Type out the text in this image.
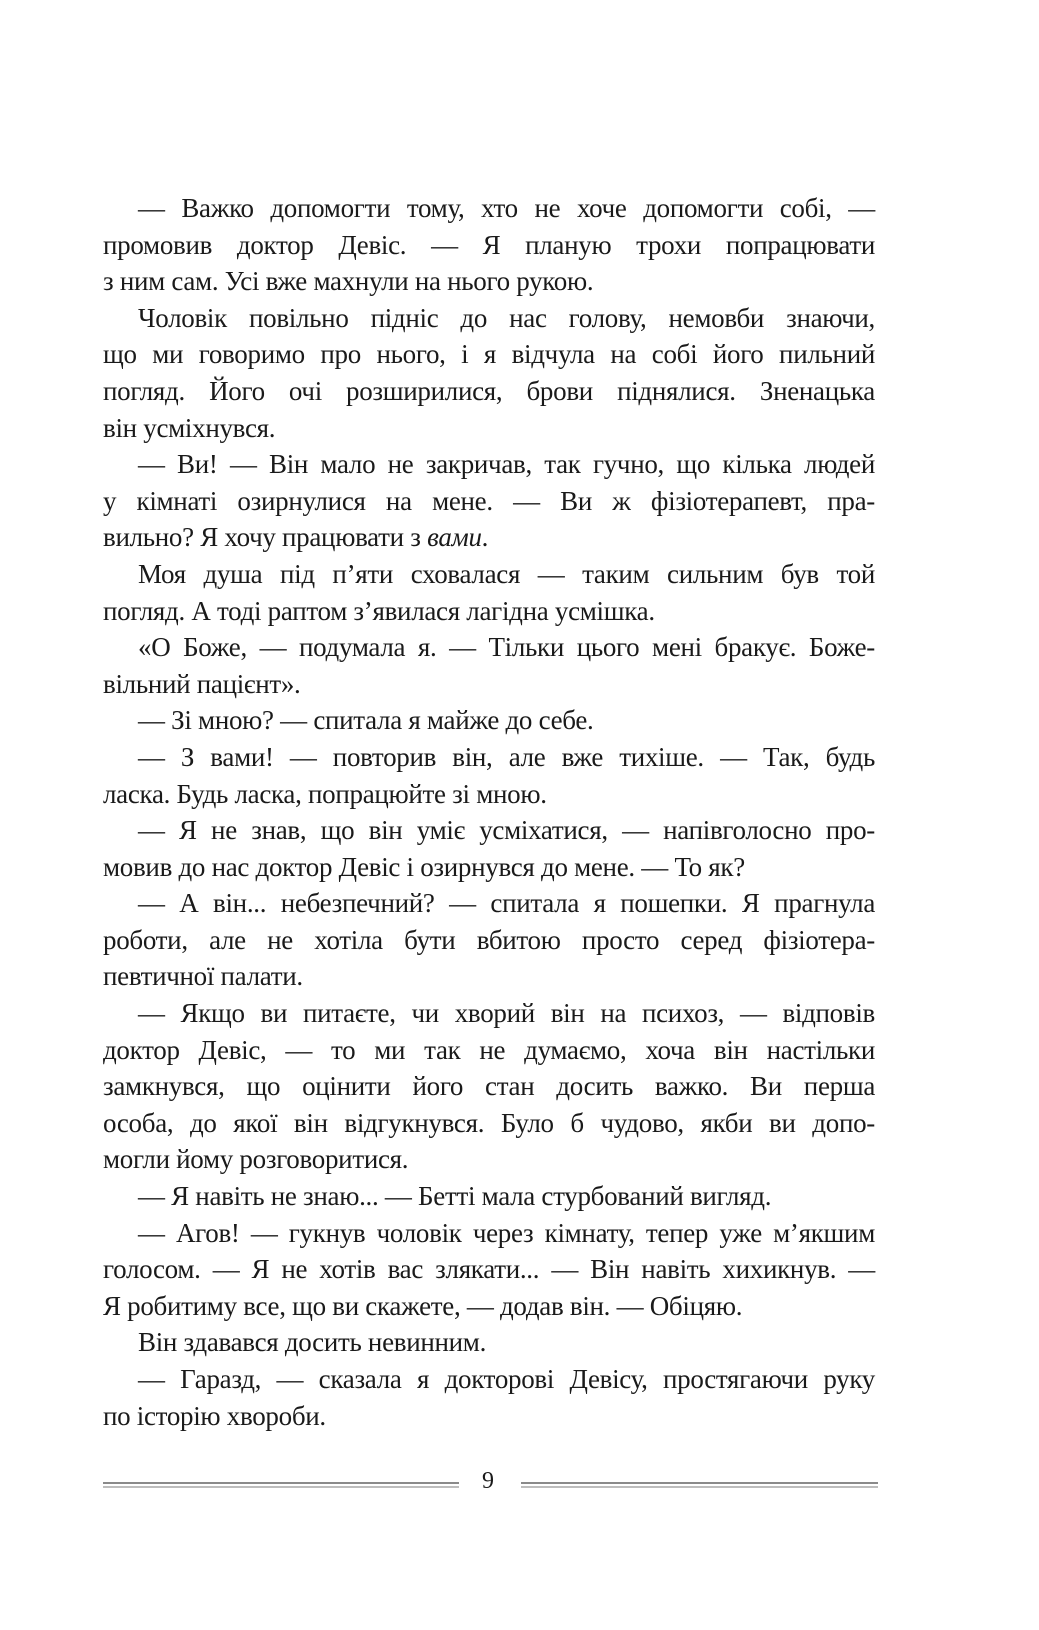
— Важко допомогти тому, хто не хоче допомогти собі, —
промовив доктор Девіс. — Я планую трохи попрацювати
з ним сам. Усі вже махнули на нього рукою.
Чоловік повільно підніс до нас голову, немовби знаючи,
що ми говоримо про нього, і я відчула на собі його пильний
погляд. Його очі розширилися, брови піднялися. Зненацька
він усміхнувся.
— Ви! — Він мало не закричав, так гучно, що кілька людей
у кімнаті озирнулися на мене. — Ви ж фізіотерапевт, пра-
вильно? Я хочу працювати з вами.
Моя душа під п’яти сховалася — таким сильним був той
погляд. А тоді раптом з’явилася лагідна усмішка.
«О Боже, — подумала я. — Тільки цього мені бракує. Боже-
вільний пацієнт».
— Зі мною? — спитала я майже до себе.
— З вами! — повторив він, але вже тихіше. — Так, будь
ласка. Будь ласка, попрацюйте зі мною.
— Я не знав, що він уміє усміхатися, — напівголосно про-
мовив до нас доктор Девіс і озирнувся до мене. — То як?
— А він... небезпечний? — спитала я пошепки. Я прагнула
роботи, але не хотіла бути вбитою просто серед фізіотера-
певтичної палати.
— Якщо ви питаєте, чи хворий він на психоз, — відповів
доктор Девіс, — то ми так не думаємо, хоча він настільки
замкнувся, що оцінити його стан досить важко. Ви перша
особа, до якої він відгукнувся. Було б чудово, якби ви допо-
могли йому розговоритися.
— Я навіть не знаю... — Бетті мала стурбований вигляд.
— Агов! — гукнув чоловік через кімнату, тепер уже м’якшим
голосом. — Я не хотів вас злякати... — Він навіть хихикнув. —
Я робитиму все, що ви скажете, — додав він. — Обіцяю.
Він здавався досить невинним.
— Гаразд, — сказала я докторові Девісу, простягаючи руку
по історію хвороби.
9
